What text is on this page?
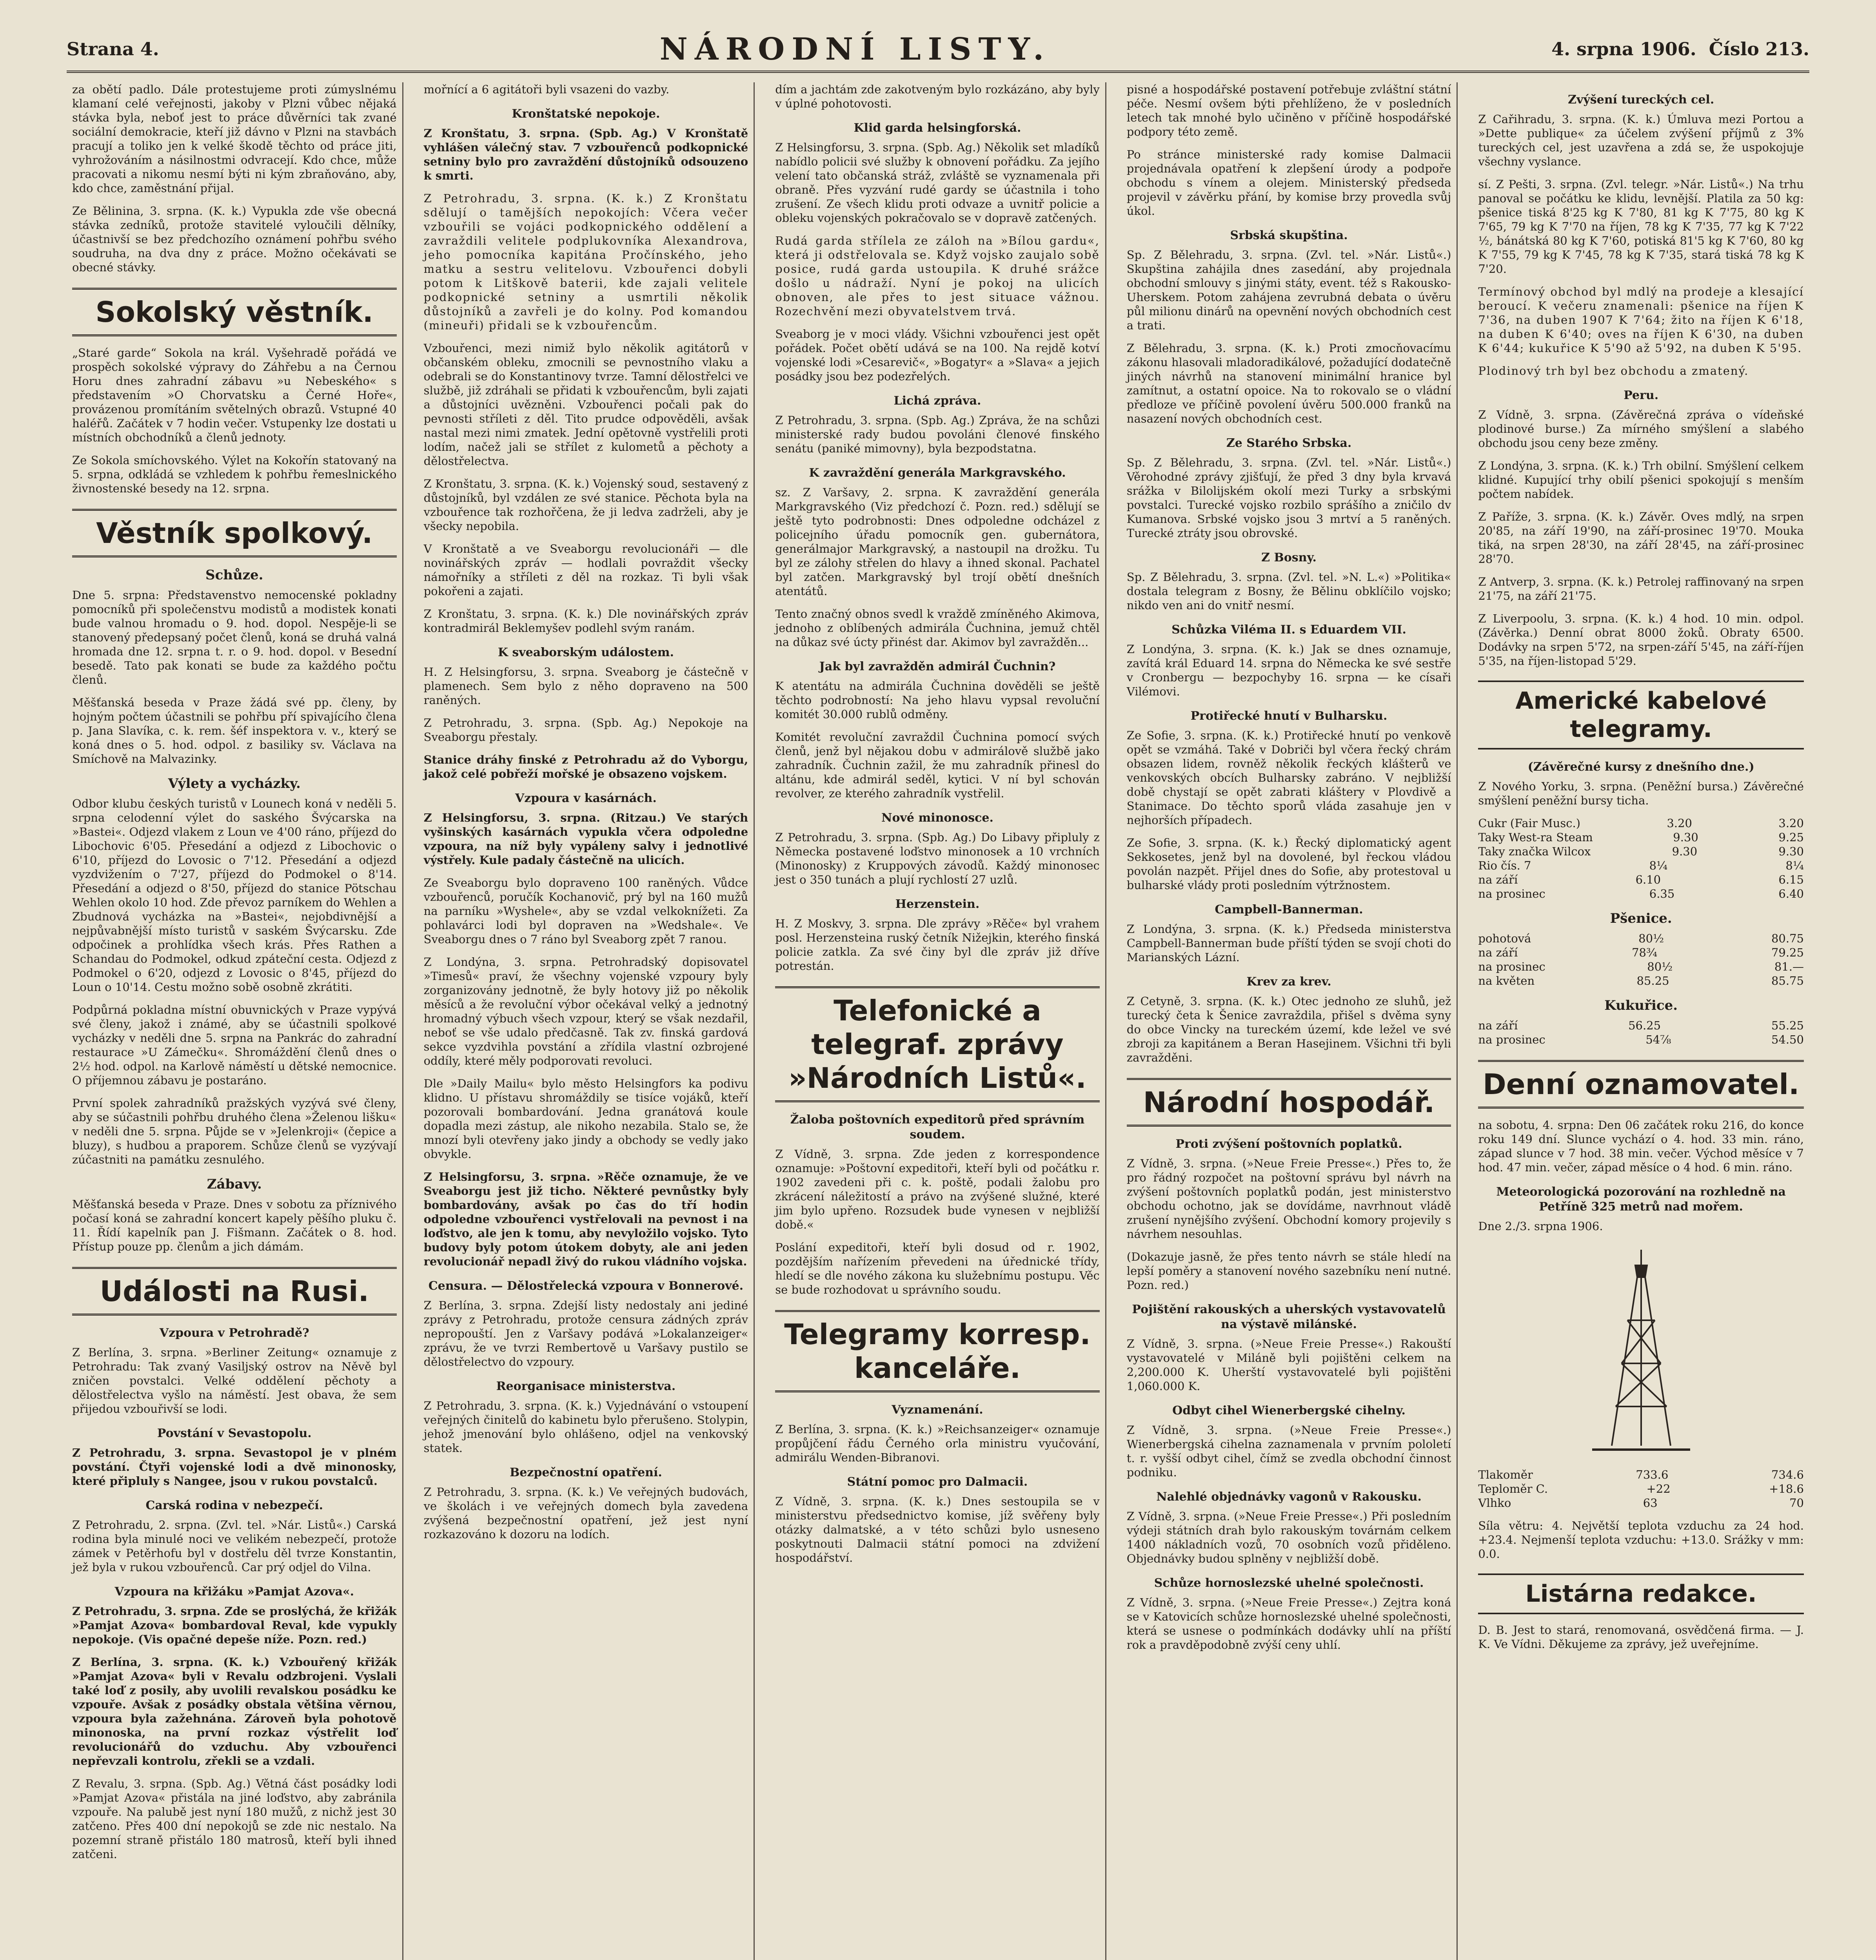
Strana 4.	NÁRODNÍ LISTY.	4. srpna 1906. Číslo 213.
za obětí padlo. Dále protestujeme proti zúmyslnému klamaní celé veřejnosti, jakoby v Plzni vůbec nějaká stávka byla, neboť jest to práce důvěrníci tak zvané sociální demokracie, kteří již dávno v Plzni na stavbách pracují a toliko jen k velké škodě těchto od práce jiti, vyhrožováním a násilnostmi odvracejí. Kdo chce, může pracovati a nikomu nesmí býti ni kým zbraňováno, aby, kdo chce, zaměstnání přijal.
Ze Bělinina, 3. srpna. (K. k.) Vypukla zde vše obecná stávka zedníků, protože stavitelé vyloučili dělníky, účastnivší se bez předchozího oznámení pohřbu svého soudruha, na dva dny z práce. Možno očekávati se obecné stávky.
Sokolský věstník.
„Staré garde“ Sokola na král. Vyšehradě pořádá ve prospěch sokolské výpravy do Záhřebu a na Černou Horu dnes zahradní zábavu »u Nebeského« s představením »O Chorvatsku a Černé Hoře«, provázenou promítáním světelných obrazů. Vstupné 40 haléřů. Začátek v 7 hodin večer. Vstupenky lze dostati u místních obchodníků a členů jednoty.
Ze Sokola smíchovského. Výlet na Kokořín statovaný na 5. srpna, odkládá se vzhledem k pohřbu řemeslnického živnostenské besedy na 12. srpna.
Věstník spolkový.
Schůze.
Dne 5. srpna: Představenstvo nemocenské pokladny pomocníků při společenstvu modistů a modistek konati bude valnou hromadu o 9. hod. dopol. Nespěje-li se stanovený předepsaný počet členů, koná se druhá valná hromada dne 12. srpna t. r. o 9. hod. dopol. v Besední besedě. Tato pak konati se bude za každého počtu členů.
Měšťanská beseda v Praze žádá své pp. členy, by hojným počtem účastnili se pohřbu pří spivajícího člena p. Jana Slavíka, c. k. rem. šéf inspektora v. v., který se koná dnes o 5. hod. odpol. z basiliky sv. Václava na Smíchově na Malvazinky.
Výlety a vycházky.
Odbor klubu českých turistů v Lounech koná v neděli 5. srpna celodenní výlet do saského Švýcarska na »Bastei«. Odjezd vlakem z Loun ve 4'00 ráno, příjezd do Libochovic 6'05. Přesedání a odjezd z Libochovic o 6'10, příjezd do Lovosic o 7'12. Přesedání a odjezd vyzdvižením o 7'27, příjezd do Podmokel o 8'14. Přesedání a odjezd o 8'50, příjezd do stanice Pötschau Wehlen okolo 10 hod. Zde převoz parníkem do Wehlen a Zbudnová vycházka na »Bastei«, nejobdivnější a nejpůvabnější místo turistů v saském Švýcarsku. Zde odpočinek a prohlídka všech krás. Přes Rathen a Schandau do Podmokel, odkud zpáteční cesta. Odjezd z Podmokel o 6'20, odjezd z Lovosic o 8'45, příjezd do Loun o 10'14. Cestu možno sobě osobně zkrátiti.
Podpůrná pokladna místní obuvnických v Praze vypývá své členy, jakož i známé, aby se účastnili spolkové vycházky v neděli dne 5. srpna na Pankrác do zahradní restaurace »U Zámečku«. Shromáždění členů dnes o 2½ hod. odpol. na Karlově náměstí u dětské nemocnice. O příjemnou zábavu je postaráno.
První spolek zahradníků pražských vyzývá své členy, aby se súčastnili pohřbu druhého člena »Želenou lišku« v neděli dne 5. srpna. Půjde se v »Jelenkroji« (čepice a bluzy), s hudbou a praporem. Schůze členů se vyzývají zúčastniti na památku zesnulého.
Zábavy.
Měšťanská beseda v Praze. Dnes v sobotu za příznivého počasí koná se zahradní koncert kapely pěšího pluku č. 11. Řídí kapelník pan J. Fišmann. Začátek o 8. hod. Přístup pouze pp. členům a jich dámám.
Události na Rusi.
Vzpoura v Petrohradě?
Z Berlína, 3. srpna. »Berliner Zeitung« oznamuje z Petrohradu: Tak zvaný Vasiljský ostrov na Něvě byl zničen povstalci. Velké oddělení pěchoty a dělostřelectva vyšlo na náměstí. Jest obava, že sem přijedou vzbouřivší se lodi.
Povstání v Sevastopolu.
Z Petrohradu, 3. srpna. Sevastopol je v plném povstání. Čtyři vojenské lodi a dvě minonosky, které připluly s Nangee, jsou v rukou povstalců.
Carská rodina v nebezpečí.
Z Petrohradu, 2. srpna. (Zvl. tel. »Nár. Listů«.) Carská rodina byla minulé noci ve velikém nebezpečí, protože zámek v Petěrhofu byl v dostřelu děl tvrze Konstantin, jež byla v rukou vzbouřenců. Car prý odjel do Vilna.
Vzpoura na křižáku »Pamjat Azova«.
Z Petrohradu, 3. srpna. Zde se proslýchá, že křižák »Pamjat Azova« bombardoval Reval, kde vypukly nepokoje. (Vis opačné depeše níže. Pozn. red.)
Z Berlína, 3. srpna. (K. k.) Vzbouřený křižák »Pamjat Azova« byli v Revalu odzbrojeni. Vyslali také loď z posily, aby uvolili revalskou posádku ke vzpouře. Avšak z posádky obstala většina věrnou, vzpoura byla zažehnána. Zároveň byla pohotově minonoska, na první rozkaz výstřelit loď revolucionářů do vzduchu. Aby vzbouřenci nepřevzali kontrolu, zřekli se a vzdali.
Z Revalu, 3. srpna. (Spb. Ag.) Větná část posádky lodi »Pamjat Azova« přistála na jiné loďstvo, aby zabránila vzpouře. Na palubě jest nyní 180 mužů, z nichž jest 30 zatčeno. Přes 400 dní nepokojů se zde nic nestalo. Na pozemní straně přistálo 180 matrosů, kteří byli ihned zatčeni.
mořnící a 6 agitátoři byli vsazeni do vazby.
Kronštatské nepokoje.
Z Kronštatu, 3. srpna. (Spb. Ag.) V Kronštatě vyhlášen válečný stav. 7 vzbouřenců podkopnické setniny bylo pro zavraždění důstojníků odsouzeno k smrti.
Z Petrohradu, 3. srpna. (K. k.) Z Kronštatu sdělují o tamějších nepokojích: Včera večer vzbouřili se vojáci podkopnického oddělení a zavraždili velitele podplukovníka Alexandrova, jeho pomocníka kapitána Pročínského, jeho matku a sestru velitelovu. Vzbouřenci dobyli potom k Litškově baterii, kde zajali velitele podkopnické setniny a usmrtili několik důstojníků a zavřeli je do kolny. Pod komandou (mineuři) přidali se k vzbouřencům.
Vzbouřenci, mezi nimiž bylo několik agitátorů v občanském obleku, zmocnili se pevnostního vlaku a odebrali se do Konstantinovy tvrze. Tamní dělostřelci ve službě, již zdráhali se přidati k vzbouřencům, byli zajati a důstojníci uvězněni. Vzbouřenci počali pak do pevnosti stříleti z děl. Tito prudce odpověděli, avšak nastal mezi nimi zmatek. Jední opětovně vystřelili proti lodím, načež jali se střílet z kulometů a pěchoty a dělostřelectva.
Z Kronštatu, 3. srpna. (K. k.) Vojenský soud, sestavený z důstojníků, byl vzdálen ze své stanice. Pěchota byla na vzbouřence tak rozhořčena, že ji ledva zadrželi, aby je všecky nepobila.
V Kronštatě a ve Sveaborgu revolucionáři — dle novinářských zpráv — hodlali povraždit všecky námořníky a stříleti z děl na rozkaz. Ti byli však pokořeni a zajati.
Z Kronštatu, 3. srpna. (K. k.) Dle novinářských zpráv kontradmirál Beklemyšev podlehl svým ranám.
K sveaborským událostem.
H. Z Helsingforsu, 3. srpna. Sveaborg je částečně v plamenech. Sem bylo z něho dopraveno na 500 raněných.
Z Petrohradu, 3. srpna. (Spb. Ag.) Nepokoje na Sveaborgu přestaly.
Stanice dráhy finské z Petrohradu až do Vyborgu, jakož celé pobřeží mořské je obsazeno vojskem.
Vzpoura v kasárnách.
Z Helsingforsu, 3. srpna. (Ritzau.) Ve starých vyšinských kasárnách vypukla včera odpoledne vzpoura, na níž byly vypáleny salvy i jednotlivé výstřely. Kule padaly částečně na ulicích.
Ze Sveaborgu bylo dopraveno 100 raněných. Vůdce vzbouřenců, poručík Kochanovič, prý byl na 160 mužů na parníku »Wyshele«, aby se vzdal velkoknížeti. Za pohlavárci lodi byl dopraven na »Wedshale«. Ve Sveaborgu dnes o 7 ráno byl Sveaborg zpět 7 ranou.
Z Londýna, 3. srpna. Petrohradský dopisovatel »Timesů« praví, že všechny vojenské vzpoury byly zorganizovány jednotně, že byly hotovy již po několik měsíců a že revoluční výbor očekával velký a jednotný hromadný výbuch všech vzpour, který se však nezdařil, neboť se vše udalo předčasně. Tak zv. finská gardová sekce vyzdvihla povstání a zřídila vlastní ozbrojené oddíly, které měly podporovati revoluci.
Dle »Daily Mailu« bylo město Helsingfors ka podivu klidno. U přístavu shromáždily se tisíce vojáků, kteří pozorovali bombardování. Jedna granátová koule dopadla mezi zástup, ale nikoho nezabila. Stalo se, že mnozí byli otevřeny jako jindy a obchody se vedly jako obvykle.
Z Helsingforsu, 3. srpna. »Rěče oznamuje, že ve Sveaborgu jest již ticho. Některé pevnůstky byly bombardovány, avšak po čas do tří hodin odpoledne vzbouřenci vystřelovali na pevnost i na loďstvo, ale jen k tomu, aby nevyložilo vojsko. Tyto budovy byly potom útokem dobyty, ale ani jeden revolucionář nepadl živý do rukou vládního vojska.
Censura. — Dělostřelecká vzpoura v Bonnerové.
Z Berlína, 3. srpna. Zdejší listy nedostaly ani jediné zprávy z Petrohradu, protože censura zádných zpráv nepropouští. Jen z Varšavy podává »Lokalanzeiger« zprávu, že ve tvrzi Rembertově u Varšavy pustilo se dělostřelectvo do vzpoury.
Reorganisace ministerstva.
Z Petrohradu, 3. srpna. (K. k.) Vyjednávání o vstoupení veřejných činitelů do kabinetu bylo přerušeno. Stolypin, jehož jmenování bylo ohlášeno, odjel na venkovský statek.
Bezpečnostní opatření.
Z Petrohradu, 3. srpna. (K. k.) Ve veřejných budovách, ve školách i ve veřejných domech byla zavedena zvýšená bezpečnostní opatření, jež jest nyní rozkazováno k dozoru na lodích.
dím a jachtám zde zakotveným bylo rozkázáno, aby byly v úplné pohotovosti.
Klid garda helsingforská.
Z Helsingforsu, 3. srpna. (Spb. Ag.) Několik set mladíků nabídlo policii své služby k obnovení pořádku. Za jejího velení tato občanská stráž, zvláště se vyznamenala při obraně. Přes vyzvání rudé gardy se účastnila i toho zrušení. Ze všech klidu proti odvaze a uvnitř policie a obleku vojenských pokračovalo se v dopravě zatčených.
Rudá garda střílela ze záloh na »Bílou gardu«, která ji odstřelovala se. Když vojsko zaujalo sobě posice, rudá garda ustoupila. K druhé srážce došlo u nádraží. Nyní je pokoj na ulicích obnoven, ale přes to jest situace vážnou. Rozechvění mezi obyvatelstvem trvá.
Sveaborg je v moci vlády. Všichni vzbouřenci jest opět pořádek. Počet obětí udává se na 100. Na rejdě kotví vojenské lodi »Cesarevič«, »Bogatyr« a »Slava« a jejich posádky jsou bez podezřelých.
Lichá zpráva.
Z Petrohradu, 3. srpna. (Spb. Ag.) Zpráva, že na schůzi ministerské rady budou povoláni členové finského senátu (paniké mimovny), byla bezpodstatna.
K zavraždění generála Markgravského.
sz. Z Varšavy, 2. srpna. K zavraždění generála Markgravského (Viz předchozí č. Pozn. red.) sdělují se ještě tyto podrobnosti: Dnes odpoledne odcházel z policejního úřadu pomocník gen. gubernátora, generálmajor Markgravský, a nastoupil na drožku. Tu byl ze zálohy střelen do hlavy a ihned skonal. Pachatel byl zatčen. Markgravský byl trojí obětí dnešních atentátů.
Tento značný obnos svedl k vraždě zmíněného Akimova, jednoho z oblíbených admirála Čuchnina, jemuž chtěl na důkaz své úcty přinést dar. Akimov byl zavražděn...
Jak byl zavražděn admirál Čuchnin?
K atentátu na admirála Čuchnina dověděli se ještě těchto podrobností: Na jeho hlavu vypsal revoluční komitét 30.000 rublů odměny.
Komitét revoluční zavraždil Čuchnina pomocí svých členů, jenž byl nějakou dobu v admirálově službě jako zahradník. Čuchnin zažil, že mu zahradník přinesl do altánu, kde admirál seděl, kytici. V ní byl schován revolver, ze kterého zahradník vystřelil.
Nové minonosce.
Z Petrohradu, 3. srpna. (Spb. Ag.) Do Libavy připluly z Německa postavené loďstvo minonosek a 10 vrchních (Minonosky) z Kruppových závodů. Každý minonosec jest o 350 tunách a plují rychlostí 27 uzlů.
Herzenstein.
H. Z Moskvy, 3. srpna. Dle zprávy »Rěče« byl vrahem posl. Herzensteina ruský četník Nižejkin, kterého finská policie zatkla. Za své činy byl dle zpráv již dříve potrestán.
Telefonické a telegraf. zprávy »Národních Listů«.
Žaloba poštovních expeditorů před správním soudem.
Z Vídně, 3. srpna. Zde jeden z korrespondence oznamuje: »Poštovní expeditoři, kteří byli od počátku r. 1902 zavedeni při c. k. poště, podali žalobu pro zkrácení náležitostí a právo na zvýšené služné, které jim bylo upřeno. Rozsudek bude vynesen v nejbližší době.«
Poslání expeditoři, kteří byli dosud od r. 1902, pozdějším nařízením převedeni na úřednické třídy, hledí se dle nového zákona ku služebnímu postupu. Věc se bude rozhodovat u správního soudu.
Telegramy korresp. kanceláře.
Vyznamenání.
Z Berlína, 3. srpna. (K. k.) »Reichsanzeiger« oznamuje propůjčení řádu Černého orla ministru vyučování, admirálu Wenden-Bibranovi.
Státní pomoc pro Dalmacii.
Z Vídně, 3. srpna. (K. k.) Dnes sestoupila se v ministerstvu předsednictvo komise, jíž svěřeny byly otázky dalmatské, a v této schůzi bylo usneseno poskytnouti Dalmacii státní pomoci na zdvižení hospodářství.
pisné a hospodářské postavení potřebuje zvláštní státní péče. Nesmí ovšem býti přehlíženo, že v posledních letech tak mnohé bylo učiněno v příčině hospodářské podpory této země.
Po stránce ministerské rady komise Dalmacii projednávala opatření k zlepšení úrody a podpoře obchodu s vínem a olejem. Ministerský předseda projevil v závěrku přání, by komise brzy provedla svůj úkol.
Srbská skupština.
Sp. Z Bělehradu, 3. srpna. (Zvl. tel. »Nár. Listů«.) Skupština zahájila dnes zasedání, aby projednala obchodní smlouvy s jinými státy, event. též s Rakousko-Uherskem. Potom zahájena zevrubná debata o úvěru půl milionu dinárů na opevnění nových obchodních cest a trati.
Z Bělehradu, 3. srpna. (K. k.) Proti zmocňovacímu zákonu hlasovali mladoradikálové, požadující dodatečně jiných návrhů na stanovení minimální hranice byl zamítnut, a ostatní opoice. Na to rokovalo se o vládní předloze ve příčině povolení úvěru 500.000 franků na nasazení nových obchodních cest.
Ze Starého Srbska.
Sp. Z Bělehradu, 3. srpna. (Zvl. tel. »Nár. Listů«.) Věrohodné zprávy zjišťují, že před 3 dny byla krvavá srážka v Bilolijském okolí mezi Turky a srbskými povstalci. Turecké vojsko rozbilo sprášího a zničilo dv Kumanova. Srbské vojsko jsou 3 mrtví a 5 raněných. Turecké ztráty jsou obrovské.
Z Bosny.
Sp. Z Bělehradu, 3. srpna. (Zvl. tel. »N. L.«) »Politika« dostala telegram z Bosny, že Bělinu obklíčilo vojsko; nikdo ven ani do vnitř nesmí.
Schůzka Viléma II. s Eduardem VII.
Z Londýna, 3. srpna. (K. k.) Jak se dnes oznamuje, zavítá král Eduard 14. srpna do Německa ke své sestře v Cronbergu — bezpochyby 16. srpna — ke císaři Vilémovi.
Protiřecké hnutí v Bulharsku.
Ze Sofie, 3. srpna. (K. k.) Protiřecké hnutí po venkově opět se vzmáhá. Také v Dobriči byl včera řecký chrám obsazen lidem, rovněž několik řeckých klášterů ve venkovských obcích Bulharsky zabráno. V nejbližší době chystají se opět zabrati kláštery v Plovdivě a Stanimace. Do těchto sporů vláda zasahuje jen v nejhorších případech.
Ze Sofie, 3. srpna. (K. k.) Řecký diplomatický agent Sekkosetes, jenž byl na dovolené, byl řeckou vládou povolán nazpět. Přijel dnes do Sofie, aby protestoval u bulharské vlády proti posledním výtržnostem.
Campbell-Bannerman.
Z Londýna, 3. srpna. (K. k.) Předseda ministerstva Campbell-Bannerman bude příští týden se svojí choti do Marianských Lázní.
Krev za krev.
Z Cetyně, 3. srpna. (K. k.) Otec jednoho ze sluhů, jež turecký četa k Šenice zavraždila, přišel s dvěma syny do obce Vincky na tureckém území, kde ležel ve své zbroji za kapitánem a Beran Hasejinem. Všichni tři byli zavražděni.
Národní hospodář.
Proti zvýšení poštovních poplatků.
Z Vídně, 3. srpna. (»Neue Freie Presse«.) Přes to, že pro řádný rozpočet na poštovní správu byl návrh na zvýšení poštovních poplatků podán, jest ministerstvo obchodu ochotno, jak se dovídáme, navrhnout vládě zrušení nynějšího zvýšení. Obchodní komory projevily s návrhem nesouhlas.
(Dokazuje jasně, že přes tento návrh se stále hledí na lepší poměry a stanovení nového sazebníku není nutné. Pozn. red.)
Pojištění rakouských a uherských vystavovatelů na výstavě milánské.
Z Vídně, 3. srpna. (»Neue Freie Presse«.) Rakouští vystavovatelé v Miláně byli pojištěni celkem na 2,200.000 K. Uherští vystavovatelé byli pojištěni 1,060.000 K.
Odbyt cihel Wienerbergské cihelny.
Z Vídně, 3. srpna. (»Neue Freie Presse«.) Wienerbergská cihelna zaznamenala v prvním pololetí t. r. vyšší odbyt cihel, čímž se zvedla obchodní činnost podniku.
Nalehlé objednávky vagonů v Rakousku.
Z Vídně, 3. srpna. (»Neue Freie Presse«.) Při posledním výdeji státních drah bylo rakouským továrnám celkem 1400 nákladních vozů, 70 osobních vozů přiděleno. Objednávky budou splněny v nejbližší době.
Schůze hornoslezské uhelné společnosti.
Z Vídně, 3. srpna. (»Neue Freie Presse«.) Zejtra koná se v Katovicích schůze hornoslezské uhelné společnosti, která se usnese o podmínkách dodávky uhlí na příští rok a pravděpodobně zvýší ceny uhlí.
Zvýšení tureckých cel.
Z Cařihradu, 3. srpna. (K. k.) Úmluva mezi Portou a »Dette publique« za účelem zvýšení příjmů z 3% tureckých cel, jest uzavřena a zdá se, že uspokojuje všechny vyslance.
sí. Z Pešti, 3. srpna. (Zvl. telegr. »Nár. Listů«.) Na trhu panoval se počátku ke klidu, levnější. Platila za 50 kg: pšenice tiská 8'25 kg K 7'80, 81 kg K 7'75, 80 kg K 7'65, 79 kg K 7'70 na říjen, 78 kg K 7'35, 77 kg K 7'22 ½, bánátská 80 kg K 7'60, potiská 81'5 kg K 7'60, 80 kg K 7'55, 79 kg K 7'45, 78 kg K 7'35, stará tiská 78 kg K 7'20.
Termínový obchod byl mdlý na prodeje a klesající beroucí. K večeru znamenali: pšenice na říjen K 7'36, na duben 1907 K 7'64; žito na říjen K 6'18, na duben K 6'40; oves na říjen K 6'30, na duben K 6'44; kukuřice K 5'90 až 5'92, na duben K 5'95.
Plodinový trh byl bez obchodu a zmatený.
Peru.
Z Vídně, 3. srpna. (Závěrečná zpráva o vídeňské plodinové burse.) Za mírného smýšlení a slabého obchodu jsou ceny beze změny.
Z Londýna, 3. srpna. (K. k.) Trh obilní. Smýšlení celkem klidné. Kupující trhy obilí pšenici spokojují s menším počtem nabídek.
Z Paříže, 3. srpna. (K. k.) Závěr. Oves mdlý, na srpen 20'85, na září 19'90, na září-prosinec 19'70. Mouka tiká, na srpen 28'30, na září 28'45, na září-prosinec 28'70.
Z Antverp, 3. srpna. (K. k.) Petrolej raffinovaný na srpen 21'75, na září 21'75.
Z Liverpoolu, 3. srpna. (K. k.) 4 hod. 10 min. odpol. (Závěrka.) Denní obrat 8000 žoků. Obraty 6500. Dodávky na srpen 5'72, na srpen-září 5'45, na září-říjen 5'35, na říjen-listopad 5'29.
Americké kabelové telegramy.
(Závěrečné kursy z dnešního dne.)
Z Nového Yorku, 3. srpna. (Peněžní bursa.) Závěrečné smýšlení peněžní bursy ticha.
Cukr (Fair Musc.)	3.20	3.20
Taky West-ra Steam	9.30	9.25
Taky značka Wilcox	9.30	9.30
Rio čís. 7	8¼	8¼
na září	6.10	6.15
na prosinec	6.35	6.40
Pšenice.
pohotová	80½	80.75
na září	78¾	79.25
na prosinec	80½	81.—
na květen	85.25	85.75
Kukuřice.
na září	56.25	55.25
na prosinec	54⅞	54.50
Denní oznamovatel.
na sobotu, 4. srpna: Den 06 začátek roku 216, do konce roku 149 dní. Slunce vychází o 4. hod. 33 min. ráno, západ slunce v 7 hod. 38 min. večer. Východ měsíce v 7 hod. 47 min. večer, západ měsíce o 4 hod. 6 min. ráno.
Meteorologická pozorování na rozhledně na Petříně 325 metrů nad mořem.
Dne 2./3. srpna 1906.
Tlakoměr	733.6	734.6
Teploměr C.	+22	+18.6
Vlhko	63	70
Síla větru: 4. Největší teplota vzduchu za 24 hod. +23.4. Nejmenší teplota vzduchu: +13.0. Srážky v mm: 0.0.
Listárna redakce.
D. B. Jest to stará, renomovaná, osvědčená firma. — J. K. Ve Vídni. Děkujeme za zprávy, jež uveřejníme.
